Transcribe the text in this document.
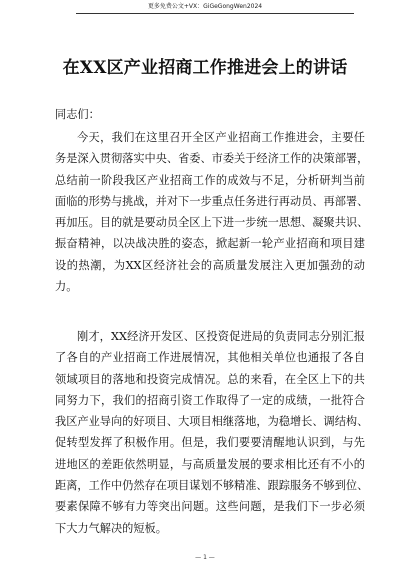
更多免费公文+VX：GiGeGongWen2024
在XX区产业招商工作推进会上的讲话
同志们：
今天，我们在这里召开全区产业招商工作推进会，主要任
务是深入贯彻落实中央、省委、市委关于经济工作的决策部署，
总结前一阶段我区产业招商工作的成效与不足，分析研判当前
面临的形势与挑战，并对下一步重点任务进行再动员、再部署、
再加压。目的就是要动员全区上下进一步统一思想、凝聚共识、
振奋精神，以决战决胜的姿态，掀起新一轮产业招商和项目建
设的热潮，为XX区经济社会的高质量发展注入更加强劲的动
力。
刚才，XX经济开发区、区投资促进局的负责同志分别汇报
了各自的产业招商工作进展情况，其他相关单位也通报了各自
领域项目的落地和投资完成情况。总的来看，在全区上下的共
同努力下，我们的招商引资工作取得了一定的成绩，一批符合
我区产业导向的好项目、大项目相继落地，为稳增长、调结构、
促转型发挥了积极作用。但是，我们要要清醒地认识到，与先
进地区的差距依然明显，与高质量发展的要求相比还有不小的
距离，工作中仍然存在项目谋划不够精准、跟踪服务不够到位、
要素保障不够有力等突出问题。这些问题，是我们下一步必须
下大力气解决的短板。
— 1 —
